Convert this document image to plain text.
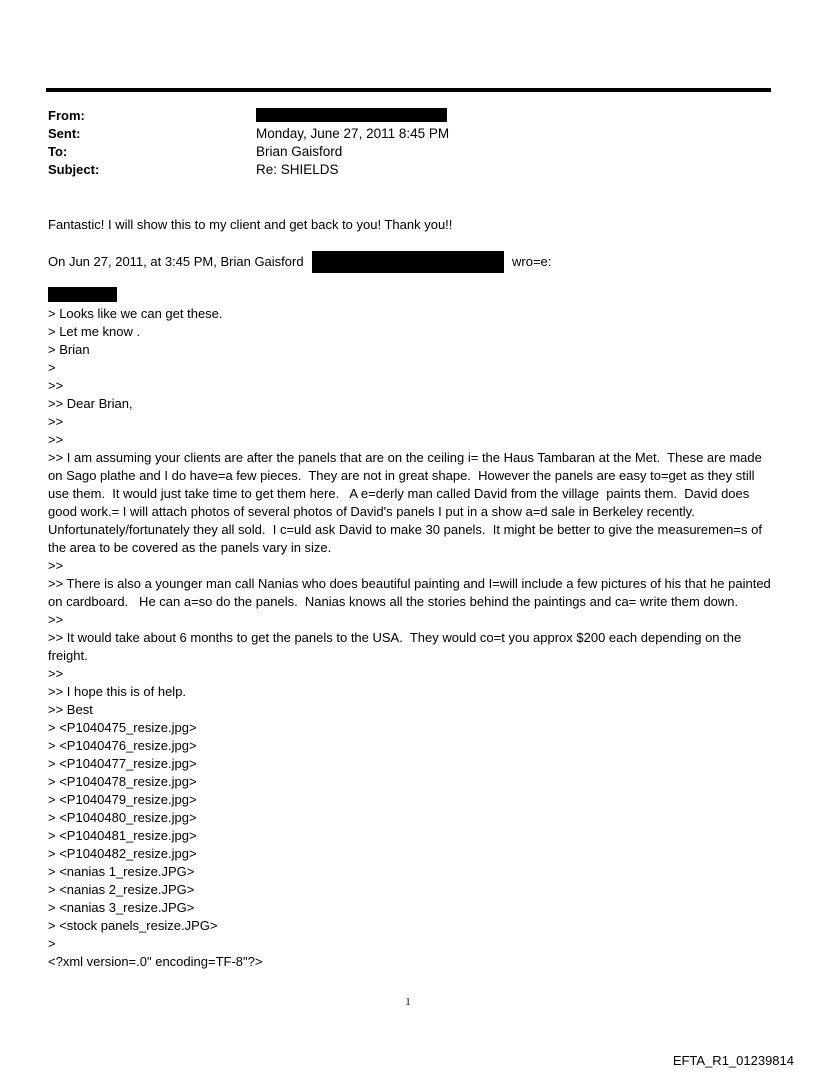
From:
Sent:	Monday, June 27, 2011 8:45 PM
To:	Brian Gaisford
Subject:	Re: SHIELDS
Fantastic! I will show this to my client and get back to you! Thank you!!
On Jun 27, 2011, at 3:45 PM, Brian Gaisford	wro=e:
> Looks like we can get these.
> Let me know .
> Brian
>
>>
>> Dear Brian,
>>
>>
>> I am assuming your clients are after the panels that are on the ceiling i= the Haus Tambaran at the Met.  These are made on Sago plathe and I do have=a few pieces.  They are not in great shape.  However the panels are easy to=get as they still use them.  It would just take time to get them here.   A e=derly man called David from the village  paints them.  David does good work.= I will attach photos of several photos of David's panels I put in a show a=d sale in Berkeley recently.  Unfortunately/fortunately they all sold.  I c=uld ask David to make 30 panels.  It might be better to give the measuremen=s of the area to be covered as the panels vary in size.
>>
>> There is also a younger man call Nanias who does beautiful painting and I=will include a few pictures of his that he painted on cardboard.   He can a=so do the panels.  Nanias knows all the stories behind the paintings and ca= write them down.
>>
>> It would take about 6 months to get the panels to the USA.  They would co=t you approx $200 each depending on the freight.
>>
>> I hope this is of help.
>> Best
> <P1040475_resize.jpg>
> <P1040476_resize.jpg>
> <P1040477_resize.jpg>
> <P1040478_resize.jpg>
> <P1040479_resize.jpg>
> <P1040480_resize.jpg>
> <P1040481_resize.jpg>
> <P1040482_resize.jpg>
> <nanias 1_resize.JPG>
> <nanias 2_resize.JPG>
> <nanias 3_resize.JPG>
> <stock panels_resize.JPG>
>
<?xml version=.0" encoding=TF-8"?>
1
EFTA_R1_01239814
